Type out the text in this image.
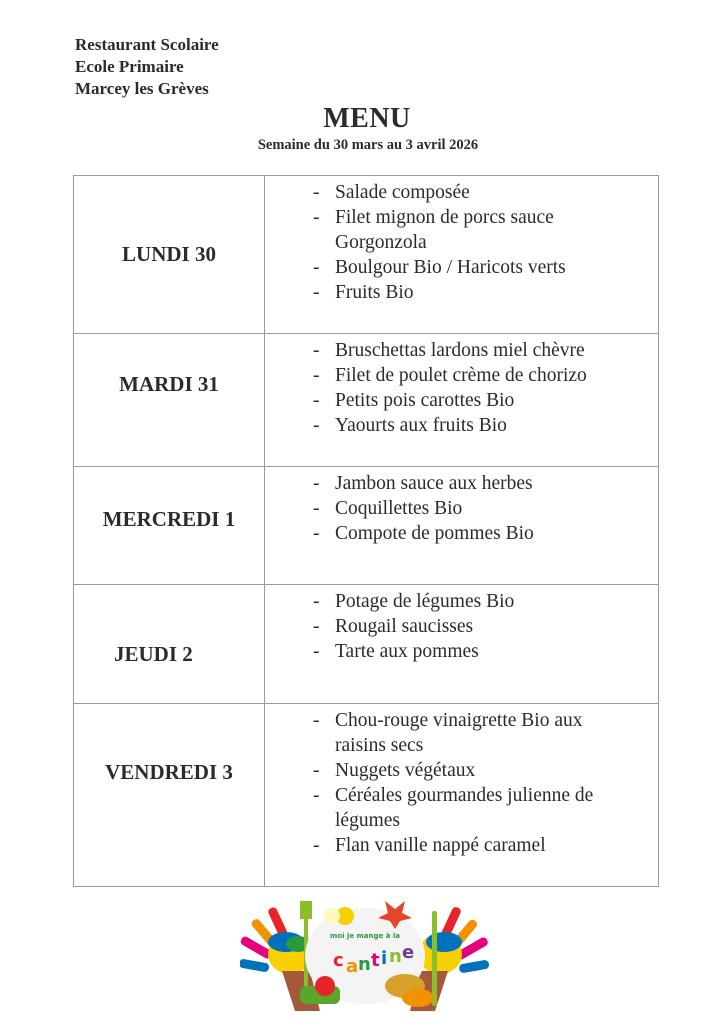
Restaurant Scolaire
Ecole Primaire
Marcey les Grèves
MENU
Semaine du 30 mars au 3 avril 2026
LUNDI 30

- Salade composée
- Filet mignon de porcs sauce Gorgonzola
- Boulgour Bio / Haricots verts
- Fruits Bio

MARDI 31

- Bruschettas lardons miel chèvre
- Filet de poulet crème de chorizo
- Petits pois carottes Bio
- Yaourts aux fruits Bio

MERCREDI 1

- Jambon sauce aux herbes
- Coquillettes Bio
- Compote de pommes Bio

JEUDI 2

- Potage de légumes Bio
- Rougail saucisses
- Tarte aux pommes

VENDREDI 3

- Chou-rouge vinaigrette Bio aux raisins secs
- Nuggets végétaux
- Céréales gourmandes julienne de légumes
- Flan vanille nappé caramel
moi je mange à la
c a n t i n e
